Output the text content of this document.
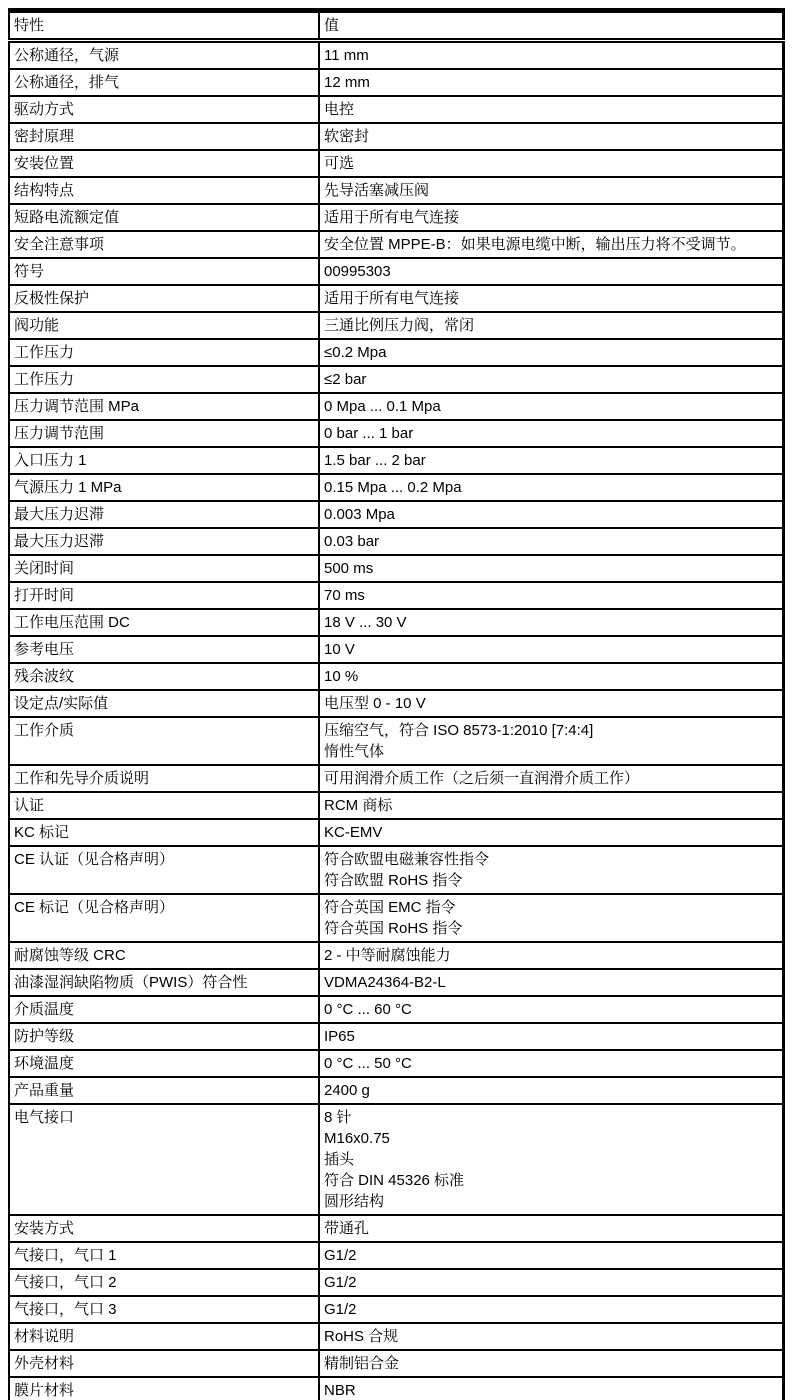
特性	值
公称通径，气源	11 mm

公称通径，排气	12 mm

驱动方式	电控

密封原理	软密封

安装位置	可选

结构特点	先导活塞减压阀

短路电流额定值	适用于所有电气连接

安全注意事项	安全位置 MPPE-B：如果电源电缆中断，输出压力将不受调节。

符号	00995303

反极性保护	适用于所有电气连接

阀功能	三通比例压力阀，常闭

工作压力	≤0.2 Mpa

工作压力	≤2 bar

压力调节范围 MPa	0 Mpa ... 0.1 Mpa

压力调节范围	0 bar ... 1 bar

入口压力 1	1.5 bar ... 2 bar

气源压力 1 MPa	0.15 Mpa ... 0.2 Mpa

最大压力迟滞	0.003 Mpa

最大压力迟滞	0.03 bar

关闭时间	500 ms

打开时间	70 ms

工作电压范围 DC	18 V ... 30 V

参考电压	10 V

残余波纹	10 %

设定点/实际值	电压型 0 - 10 V

工作介质	压缩空气，符合 ISO 8573-1:2010 [7:4:4]
惰性气体

工作和先导介质说明	可用润滑介质工作（之后须一直润滑介质工作）

认证	RCM 商标

KC 标记	KC-EMV

CE 认证（见合格声明）	符合欧盟电磁兼容性指令
符合欧盟 RoHS 指令

CE 标记（见合格声明）	符合英国 EMC 指令
符合英国 RoHS 指令

耐腐蚀等级 CRC	2 - 中等耐腐蚀能力

油漆湿润缺陷物质（PWIS）符合性	VDMA24364-B2-L

介质温度	0 °C ... 60 °C

防护等级	IP65

环境温度	0 °C ... 50 °C

产品重量	2400 g

电气接口	8 针
M16x0.75
插头
符合 DIN 45326 标准
圆形结构

安装方式	带通孔

气接口，气口 1	G1/2

气接口，气口 2	G1/2

气接口，气口 3	G1/2

材料说明	RoHS 合规

外壳材料	精制铝合金

膜片材料	NBR
